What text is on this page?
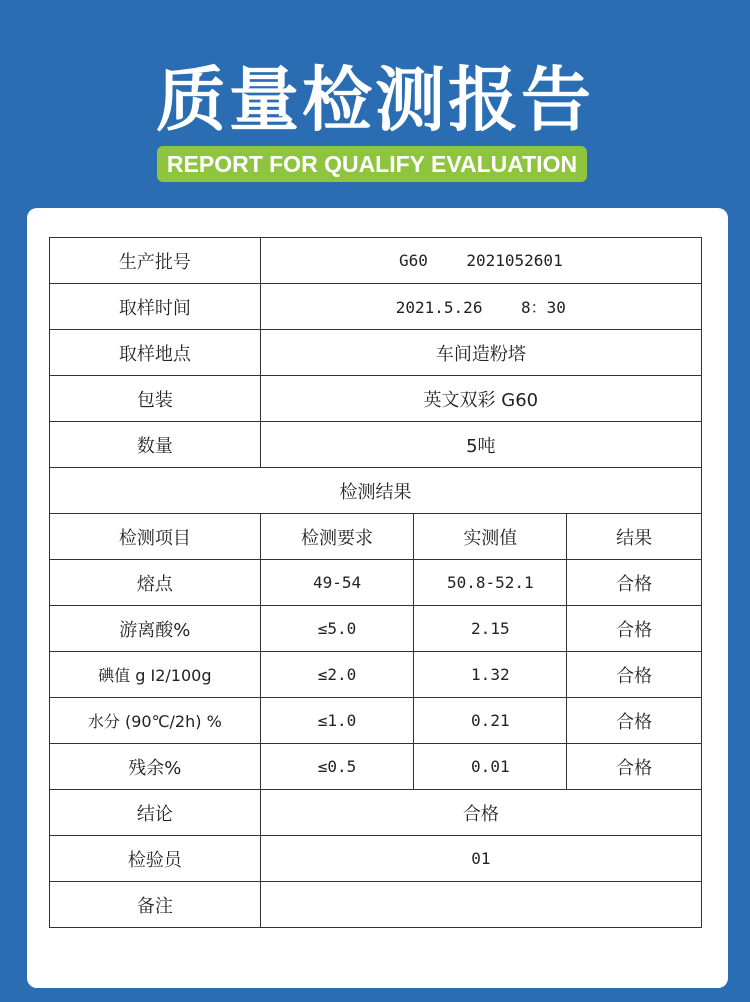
质量检测报告
REPORT FOR QUALIFY EVALUATION
生产批号	G60    2021052601		
取样时间	2021.5.26    8：30		
取样地点	车间造粉塔		
包装	英文双彩 G60		
数量	5吨		
检测结果			
检测项目	检测要求	实测值	结果
熔点	49-54	50.8-52.1	合格
游离酸%	≤5.0	2.15	合格
碘值 g I2/100g	≤2.0	1.32	合格
水分 (90℃/2h) %	≤1.0	0.21	合格
残余%	≤0.5	0.01	合格
结论	合格		
检验员	01		
备注			
